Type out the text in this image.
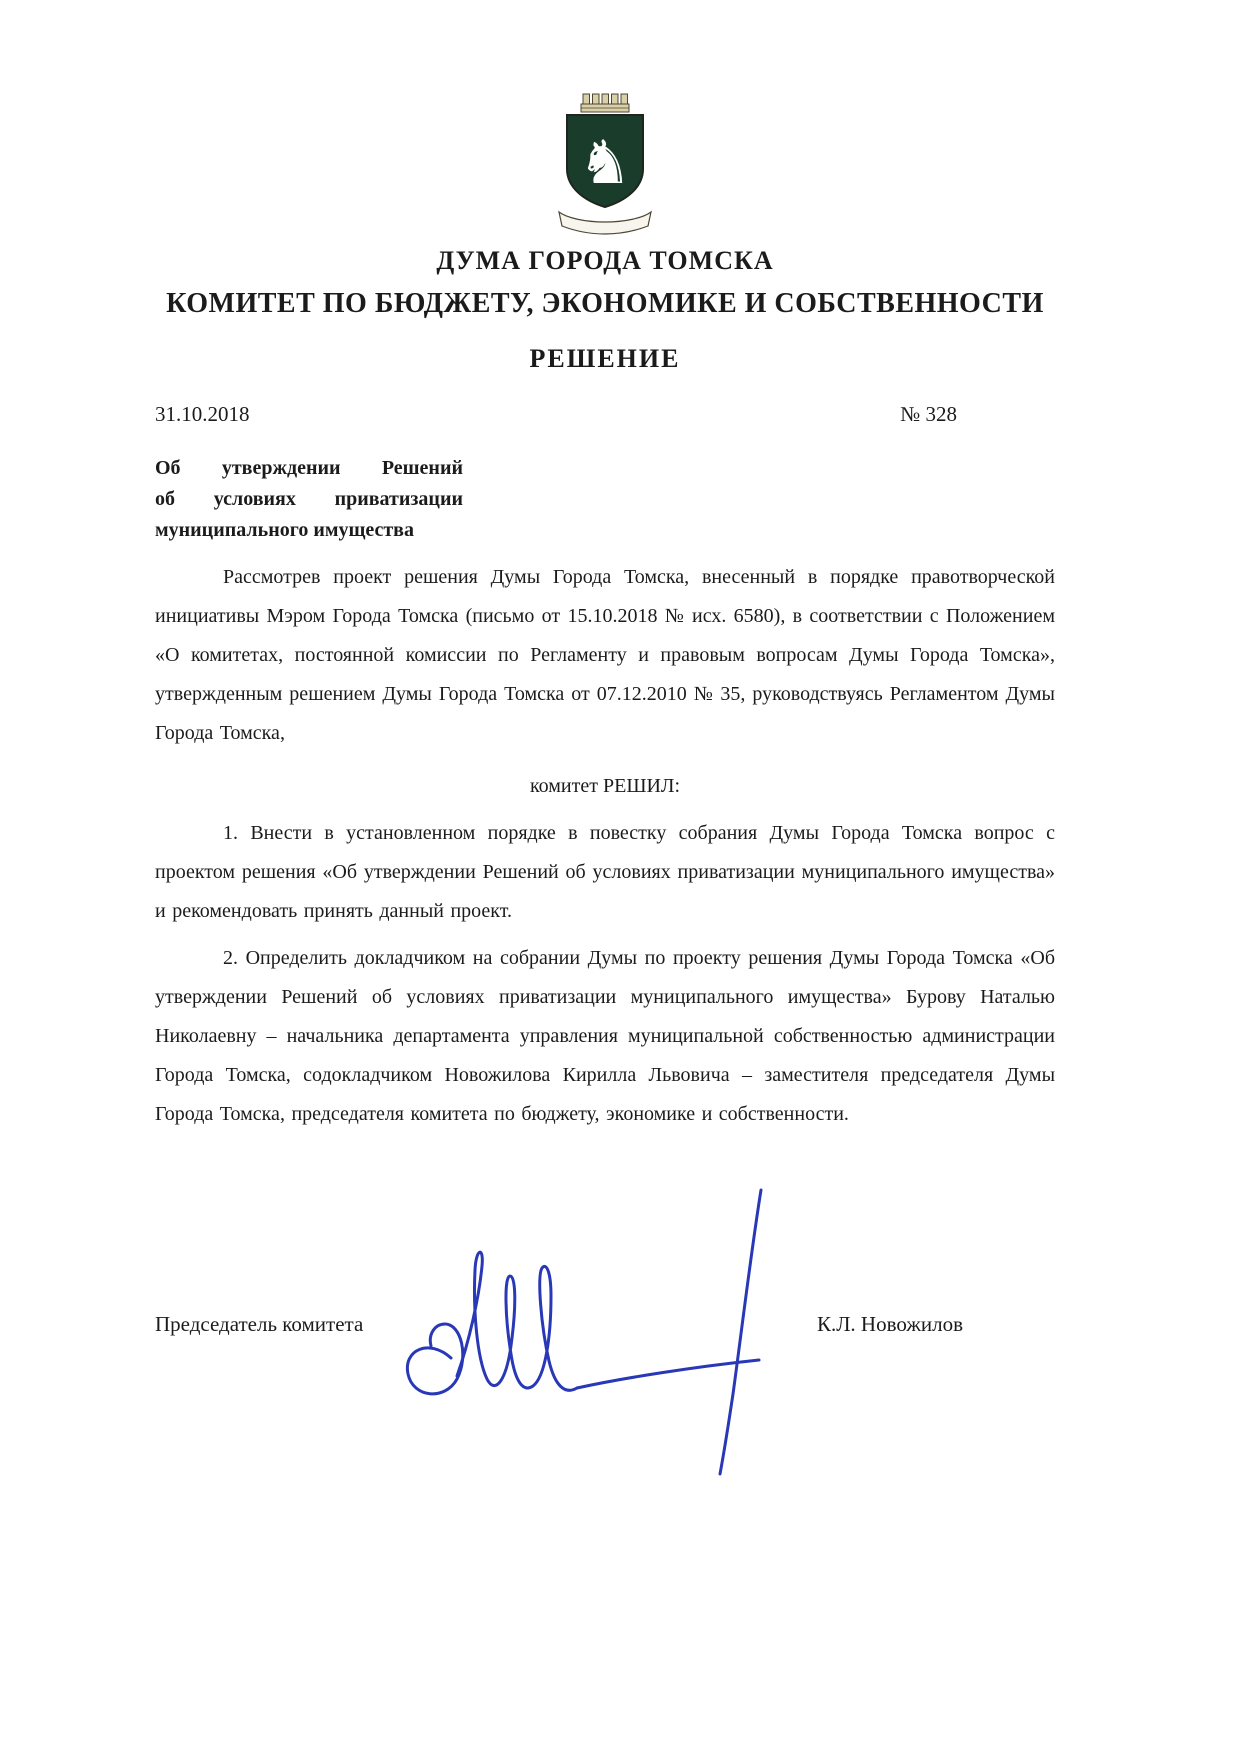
♞
ДУМА ГОРОДА ТОМСКА
КОМИТЕТ ПО БЮДЖЕТУ, ЭКОНОМИКЕ И СОБСТВЕННОСТИ
РЕШЕНИЕ
31.10.2018	№ 328
Об утверждении Решений
об условиях приватизации
муниципального имущества

Рассмотрев проект решения Думы Города Томска, внесенный в порядке правотворческой инициативы Мэром Города Томска (письмо от 15.10.2018 № исх. 6580), в соответствии с Положением «О комитетах, постоянной комиссии по Регламенту и правовым вопросам Думы Города Томска», утвержденным решением Думы Города Томска от 07.12.2010 № 35, руководствуясь Регламентом Думы Города Томска,

комитет РЕШИЛ:

1. Внести в установленном порядке в повестку собрания Думы Города Томска вопрос с проектом решения «Об утверждении Решений об условиях приватизации муниципального имущества» и рекомендовать принять данный проект.

2. Определить докладчиком на собрании Думы по проекту решения Думы Города Томска «Об утверждении Решений об условиях приватизации муниципального имущества» Бурову Наталью Николаевну – начальника департамента управления муниципальной собственностью администрации Города Томска, содокладчиком Новожилова Кирилла Львовича – заместителя председателя Думы Города Томска, председателя комитета по бюджету, экономике и собственности.

Председатель комитета	К.Л. Новожилов
